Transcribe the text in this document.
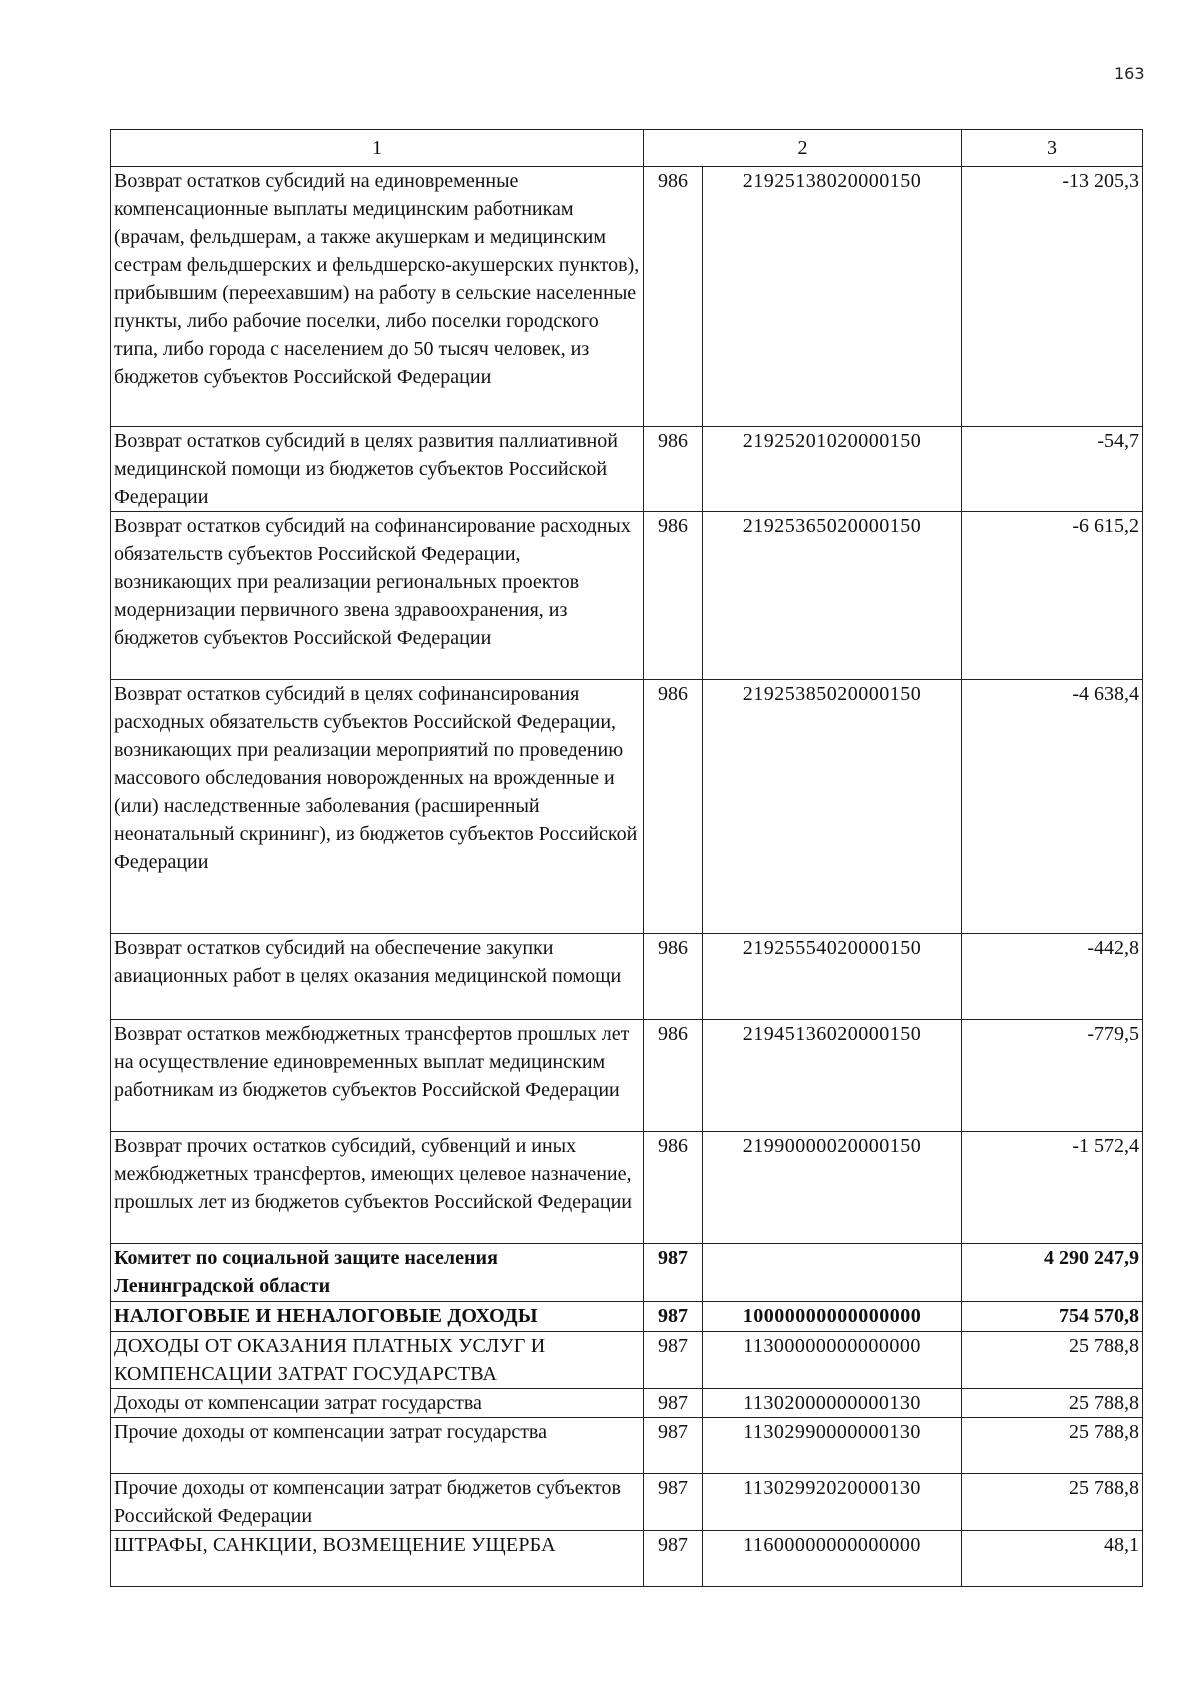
163
1	2		3
Возврат остатков субсидий на единовременные компенсационные выплаты медицинским работникам (врачам, фельдшерам, а также акушеркам и медицинским сестрам фельдшерских и фельдшерско-акушерских пунктов), прибывшим (переехавшим) на работу в сельские населенные пункты, либо рабочие поселки, либо поселки городского типа, либо города с населением до 50 тысяч человек, из бюджетов субъектов Российской Федерации	986	21925138020000150	-13 205,3
Возврат остатков субсидий в целях развития паллиативной медицинской помощи из бюджетов субъектов Российской Федерации	986	21925201020000150	-54,7
Возврат остатков субсидий на софинансирование расходных обязательств субъектов Российской Федерации, возникающих при реализации региональных проектов модернизации первичного звена здравоохранения, из бюджетов субъектов Российской Федерации	986	21925365020000150	-6 615,2
Возврат остатков субсидий в целях софинансирования расходных обязательств субъектов Российской Федерации, возникающих при реализации мероприятий по проведению массового обследования новорожденных на врожденные и (или) наследственные заболевания (расширенный неонатальный скрининг), из бюджетов субъектов Российской Федерации	986	21925385020000150	-4 638,4
Возврат остатков субсидий на обеспечение закупки авиационных работ в целях оказания медицинской помощи	986	21925554020000150	-442,8
Возврат остатков межбюджетных трансфертов прошлых лет на осуществление единовременных выплат медицинским работникам из бюджетов субъектов Российской Федерации	986	21945136020000150	-779,5
Возврат прочих остатков субсидий, субвенций и иных межбюджетных трансфертов, имеющих целевое назначение, прошлых лет из бюджетов субъектов Российской Федерации	986	21990000020000150	-1 572,4
Комитет по социальной защите населения Ленинградской области	987		4 290 247,9
НАЛОГОВЫЕ И НЕНАЛОГОВЫЕ ДОХОДЫ	987	10000000000000000	754 570,8
ДОХОДЫ ОТ ОКАЗАНИЯ ПЛАТНЫХ УСЛУГ И КОМПЕНСАЦИИ ЗАТРАТ ГОСУДАРСТВА	987	11300000000000000	25 788,8
Доходы от компенсации затрат государства	987	11302000000000130	25 788,8
Прочие доходы от компенсации затрат государства	987	11302990000000130	25 788,8
Прочие доходы от компенсации затрат бюджетов субъектов Российской Федерации	987	11302992020000130	25 788,8
ШТРАФЫ, САНКЦИИ, ВОЗМЕЩЕНИЕ УЩЕРБА	987	11600000000000000	48,1
